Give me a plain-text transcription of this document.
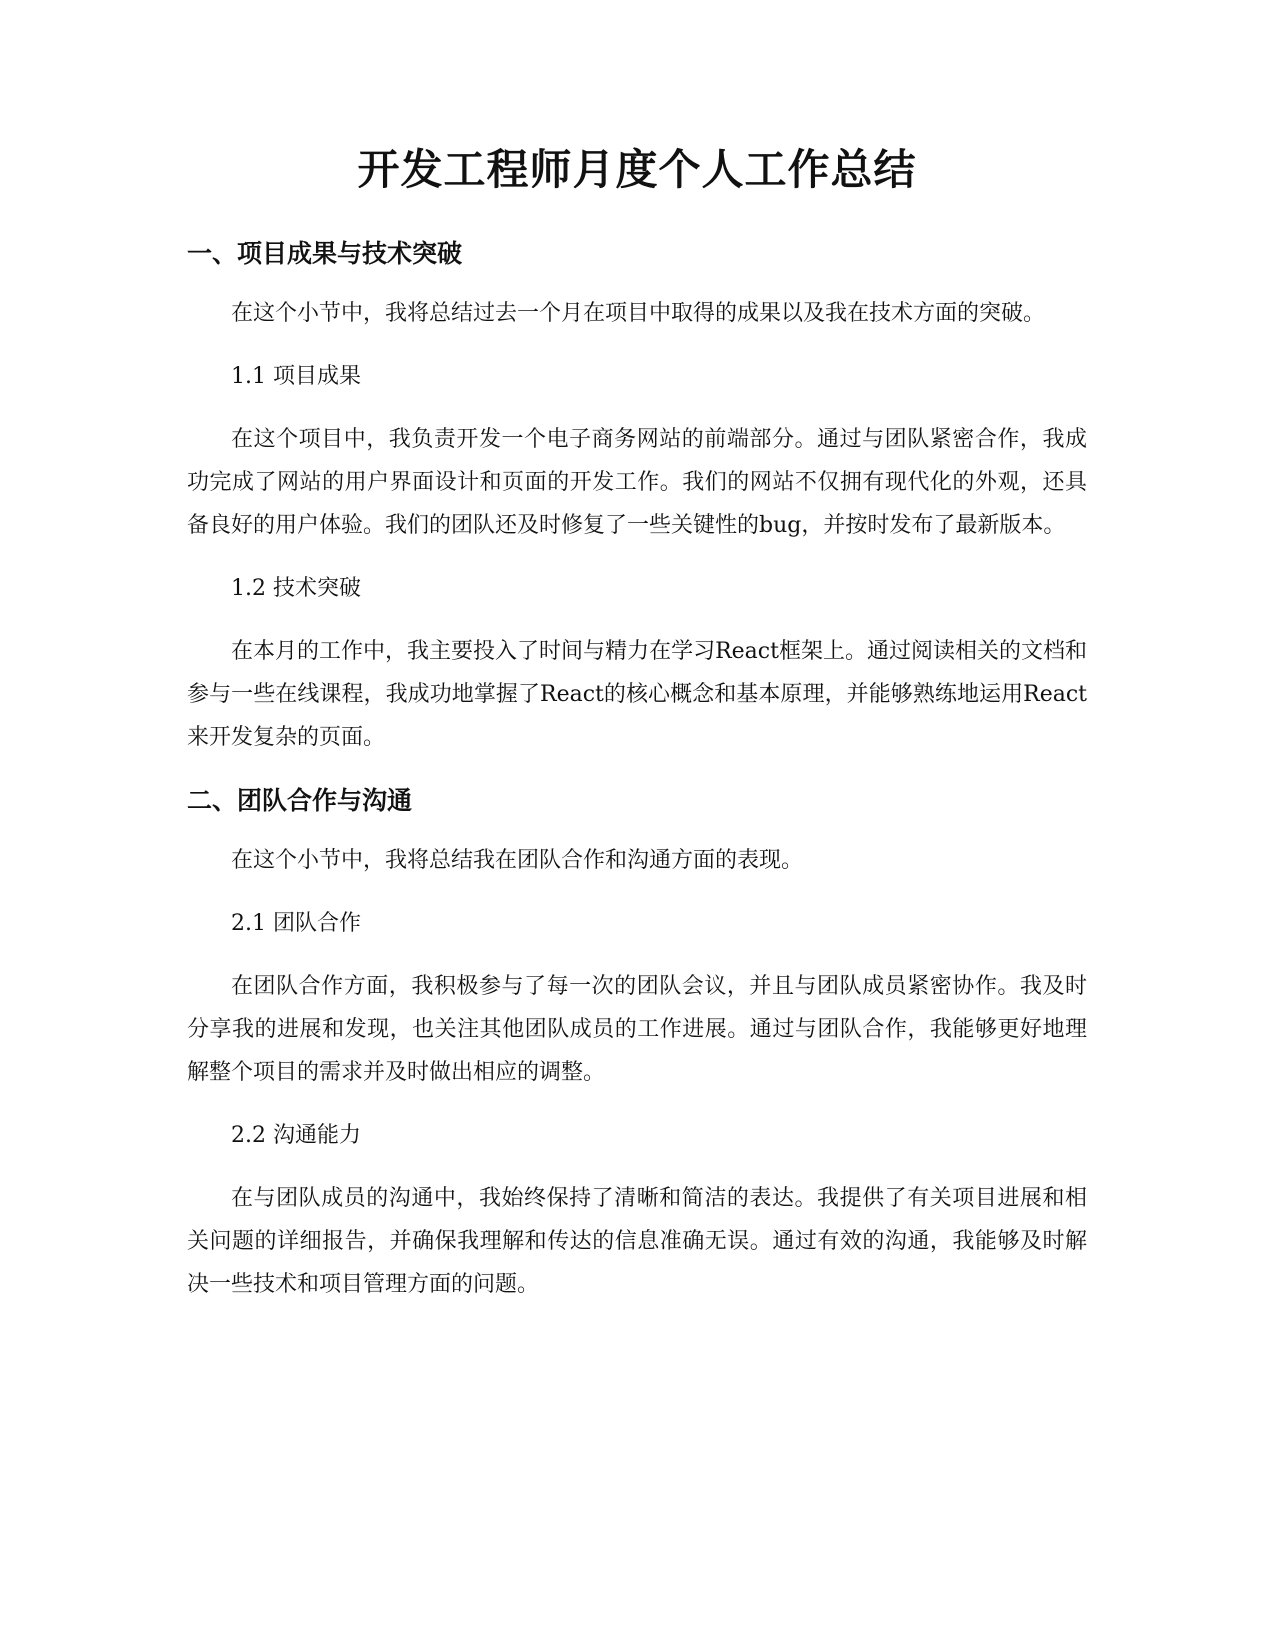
开发工程师月度个人工作总结
一、项目成果与技术突破

在这个小节中，我将总结过去一个月在项目中取得的成果以及我在技术方面的突破。

1.1 项目成果

在这个项目中，我负责开发一个电子商务网站的前端部分。通过与团队紧密合作，我成功完成了网站的用户界面设计和页面的开发工作。我们的网站不仅拥有现代化的外观，还具备良好的用户体验。我们的团队还及时修复了一些关键性的bug，并按时发布了最新版本。

1.2 技术突破

在本月的工作中，我主要投入了时间与精力在学习React框架上。通过阅读相关的文档和参与一些在线课程，我成功地掌握了React的核心概念和基本原理，并能够熟练地运用React来开发复杂的页面。

二、团队合作与沟通

在这个小节中，我将总结我在团队合作和沟通方面的表现。

2.1 团队合作

在团队合作方面，我积极参与了每一次的团队会议，并且与团队成员紧密协作。我及时分享我的进展和发现，也关注其他团队成员的工作进展。通过与团队合作，我能够更好地理解整个项目的需求并及时做出相应的调整。

2.2 沟通能力

在与团队成员的沟通中，我始终保持了清晰和简洁的表达。我提供了有关项目进展和相关问题的详细报告，并确保我理解和传达的信息准确无误。通过有效的沟通，我能够及时解决一些技术和项目管理方面的问题。
